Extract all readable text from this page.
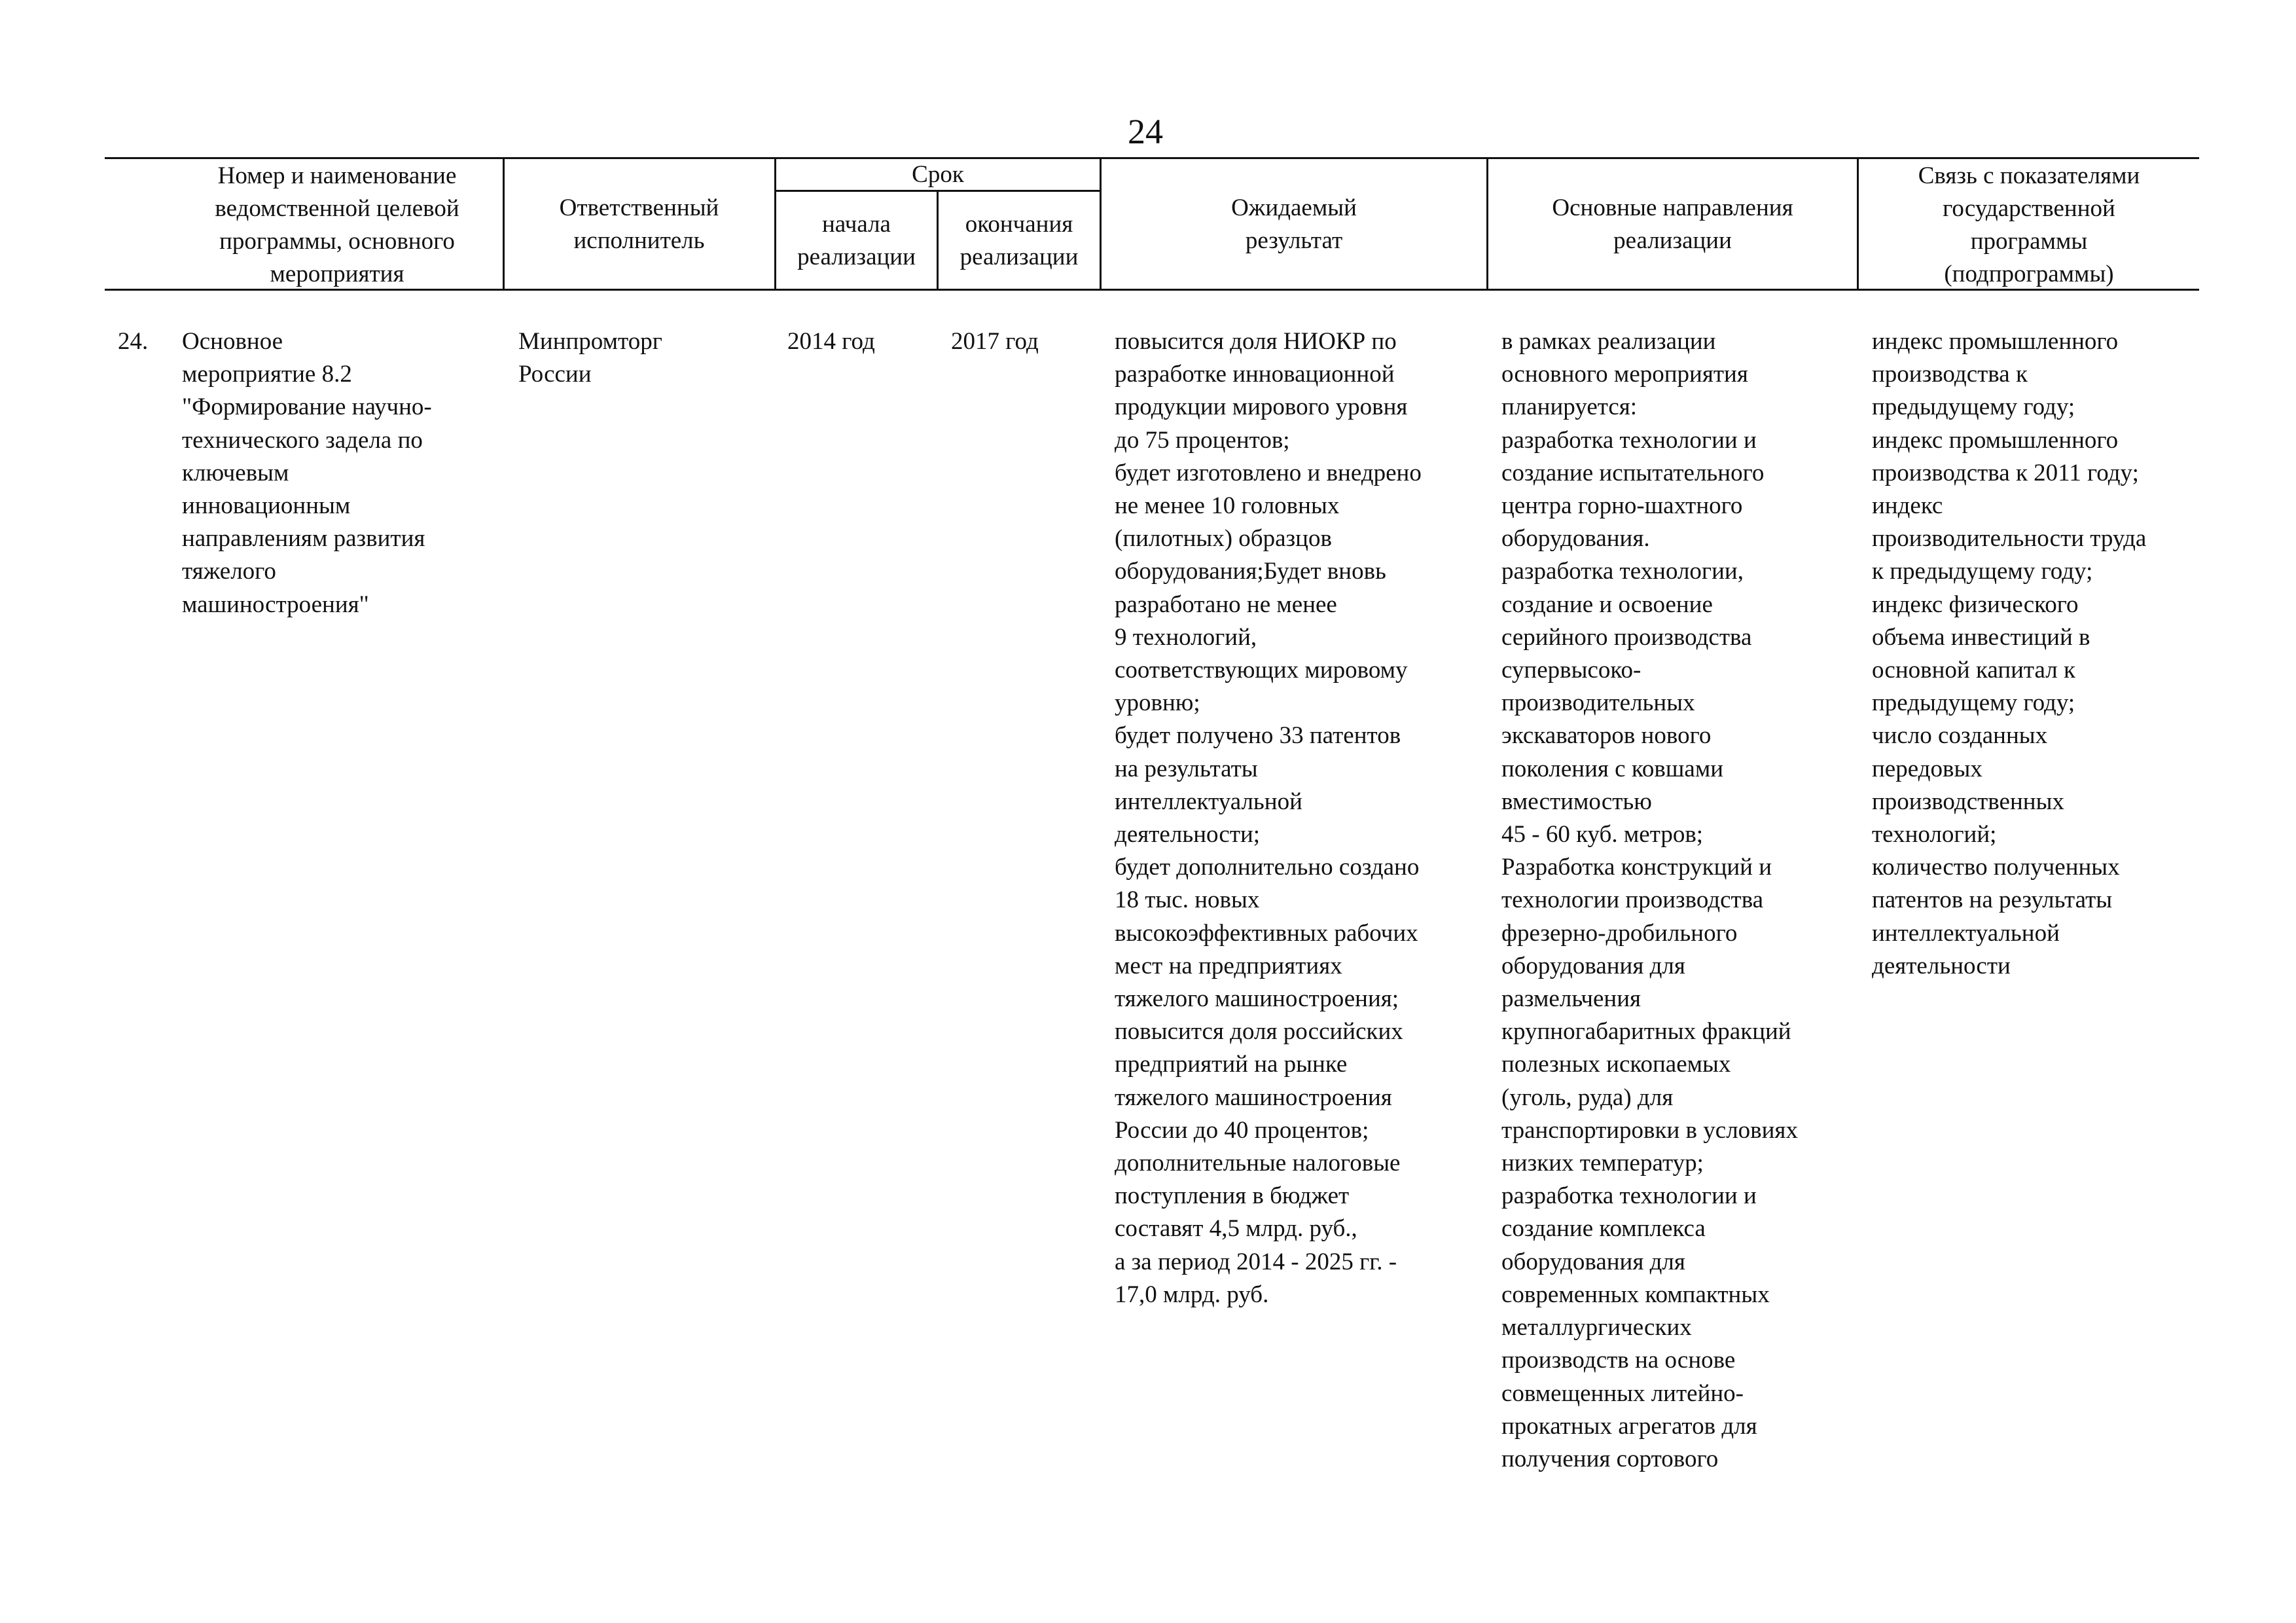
24
Номер и наименование
ведомственной целевой
программы, основного
мероприятия
Ответственный
исполнитель
Срок
начала
реализации
окончания
реализации
Ожидаемый
результат
Основные направления
реализации
Связь с показателями
государственной
программы
(подпрограммы)
24. Основное
мероприятие 8.2
"Формирование научно-
технического задела по
ключевым
инновационным
направлениям развития
тяжелого
машиностроения"
Минпромторг
России
2014 год	2017 год	повысится доля НИОКР по
разработке инновационной
продукции мирового уровня
до 75 процентов;
будет изготовлено и внедрено
не менее 10 головных
(пилотных) образцов
оборудования;Будет вновь
разработано не менее
9 технологий,
соответствующих мировому
уровню;
будет получено 33 патентов
на результаты
интеллектуальной
деятельности;
будет дополнительно создано
18 тыс. новых
высокоэффективных рабочих
мест на предприятиях
тяжелого машиностроения;
повысится доля российских
предприятий на рынке
тяжелого машиностроения
России до 40 процентов;
дополнительные налоговые
поступления в бюджет
составят 4,5 млрд. руб.,
а за период 2014 - 2025 гг. -
17,0 млрд. руб.
в рамках реализации
основного мероприятия
планируется:
разработка технологии и
создание испытательного
центра горно-шахтного
оборудования.
разработка технологии,
создание и освоение
серийного производства
супервысоко-
производительных
экскаваторов нового
поколения с ковшами
вместимостью
45 - 60 куб. метров;
Разработка конструкций и
технологии производства
фрезерно-дробильного
оборудования для
размельчения
крупногабаритных фракций
полезных ископаемых
(уголь, руда) для
транспортировки в условиях
низких температур;
разработка технологии и
создание комплекса
оборудования для
современных компактных
металлургических
производств на основе
совмещенных литейно-
прокатных агрегатов для
получения сортового
индекс промышленного
производства к
предыдущему году;
индекс промышленного
производства к 2011 году;
индекс
производительности труда
к предыдущему году;
индекс физического
объема инвестиций в
основной капитал к
предыдущему году;
число созданных
передовых
производственных
технологий;
количество полученных
патентов на результаты
интеллектуальной
деятельности
